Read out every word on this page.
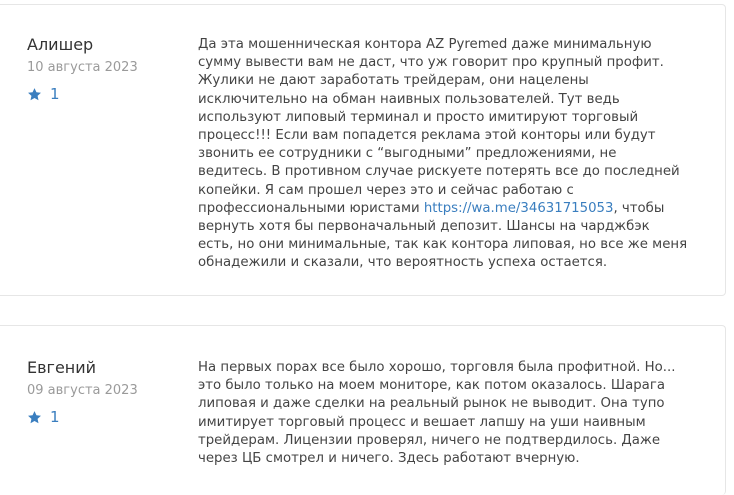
Алишер
10 августа 2023
1
Да эта мошенническая контора AZ Pyremed даже минимальную сумму вывести вам не даст, что уж говорит про крупный профит. Жулики не дают заработать трейдерам, они нацелены исключительно на обман наивных пользователей. Тут ведь используют липовый терминал и просто имитируют торговый процесс!!! Если вам попадется реклама этой конторы или будут звонить ее сотрудники с “выгодными” предложениями, не ведитесь. В противном случае рискуете потерять все до последней копейки. Я сам прошел через это и сейчас работаю с профессиональными юристами https://wa.me/34631715053, чтобы вернуть хотя бы первоначальный депозит. Шансы на чарджбэк есть, но они минимальные, так как контора липовая, но все же меня обнадежили и сказали, что вероятность успеха остается.
Евгений
09 августа 2023
1
На первых порах все было хорошо, торговля была профитной. Но... это было только на моем мониторе, как потом оказалось. Шарага липовая и даже сделки на реальный рынок не выводит. Она тупо имитирует торговый процесс и вешает лапшу на уши наивным трейдерам. Лицензии проверял, ничего не подтвердилось. Даже через ЦБ смотрел и ничего. Здесь работают вчерную.
